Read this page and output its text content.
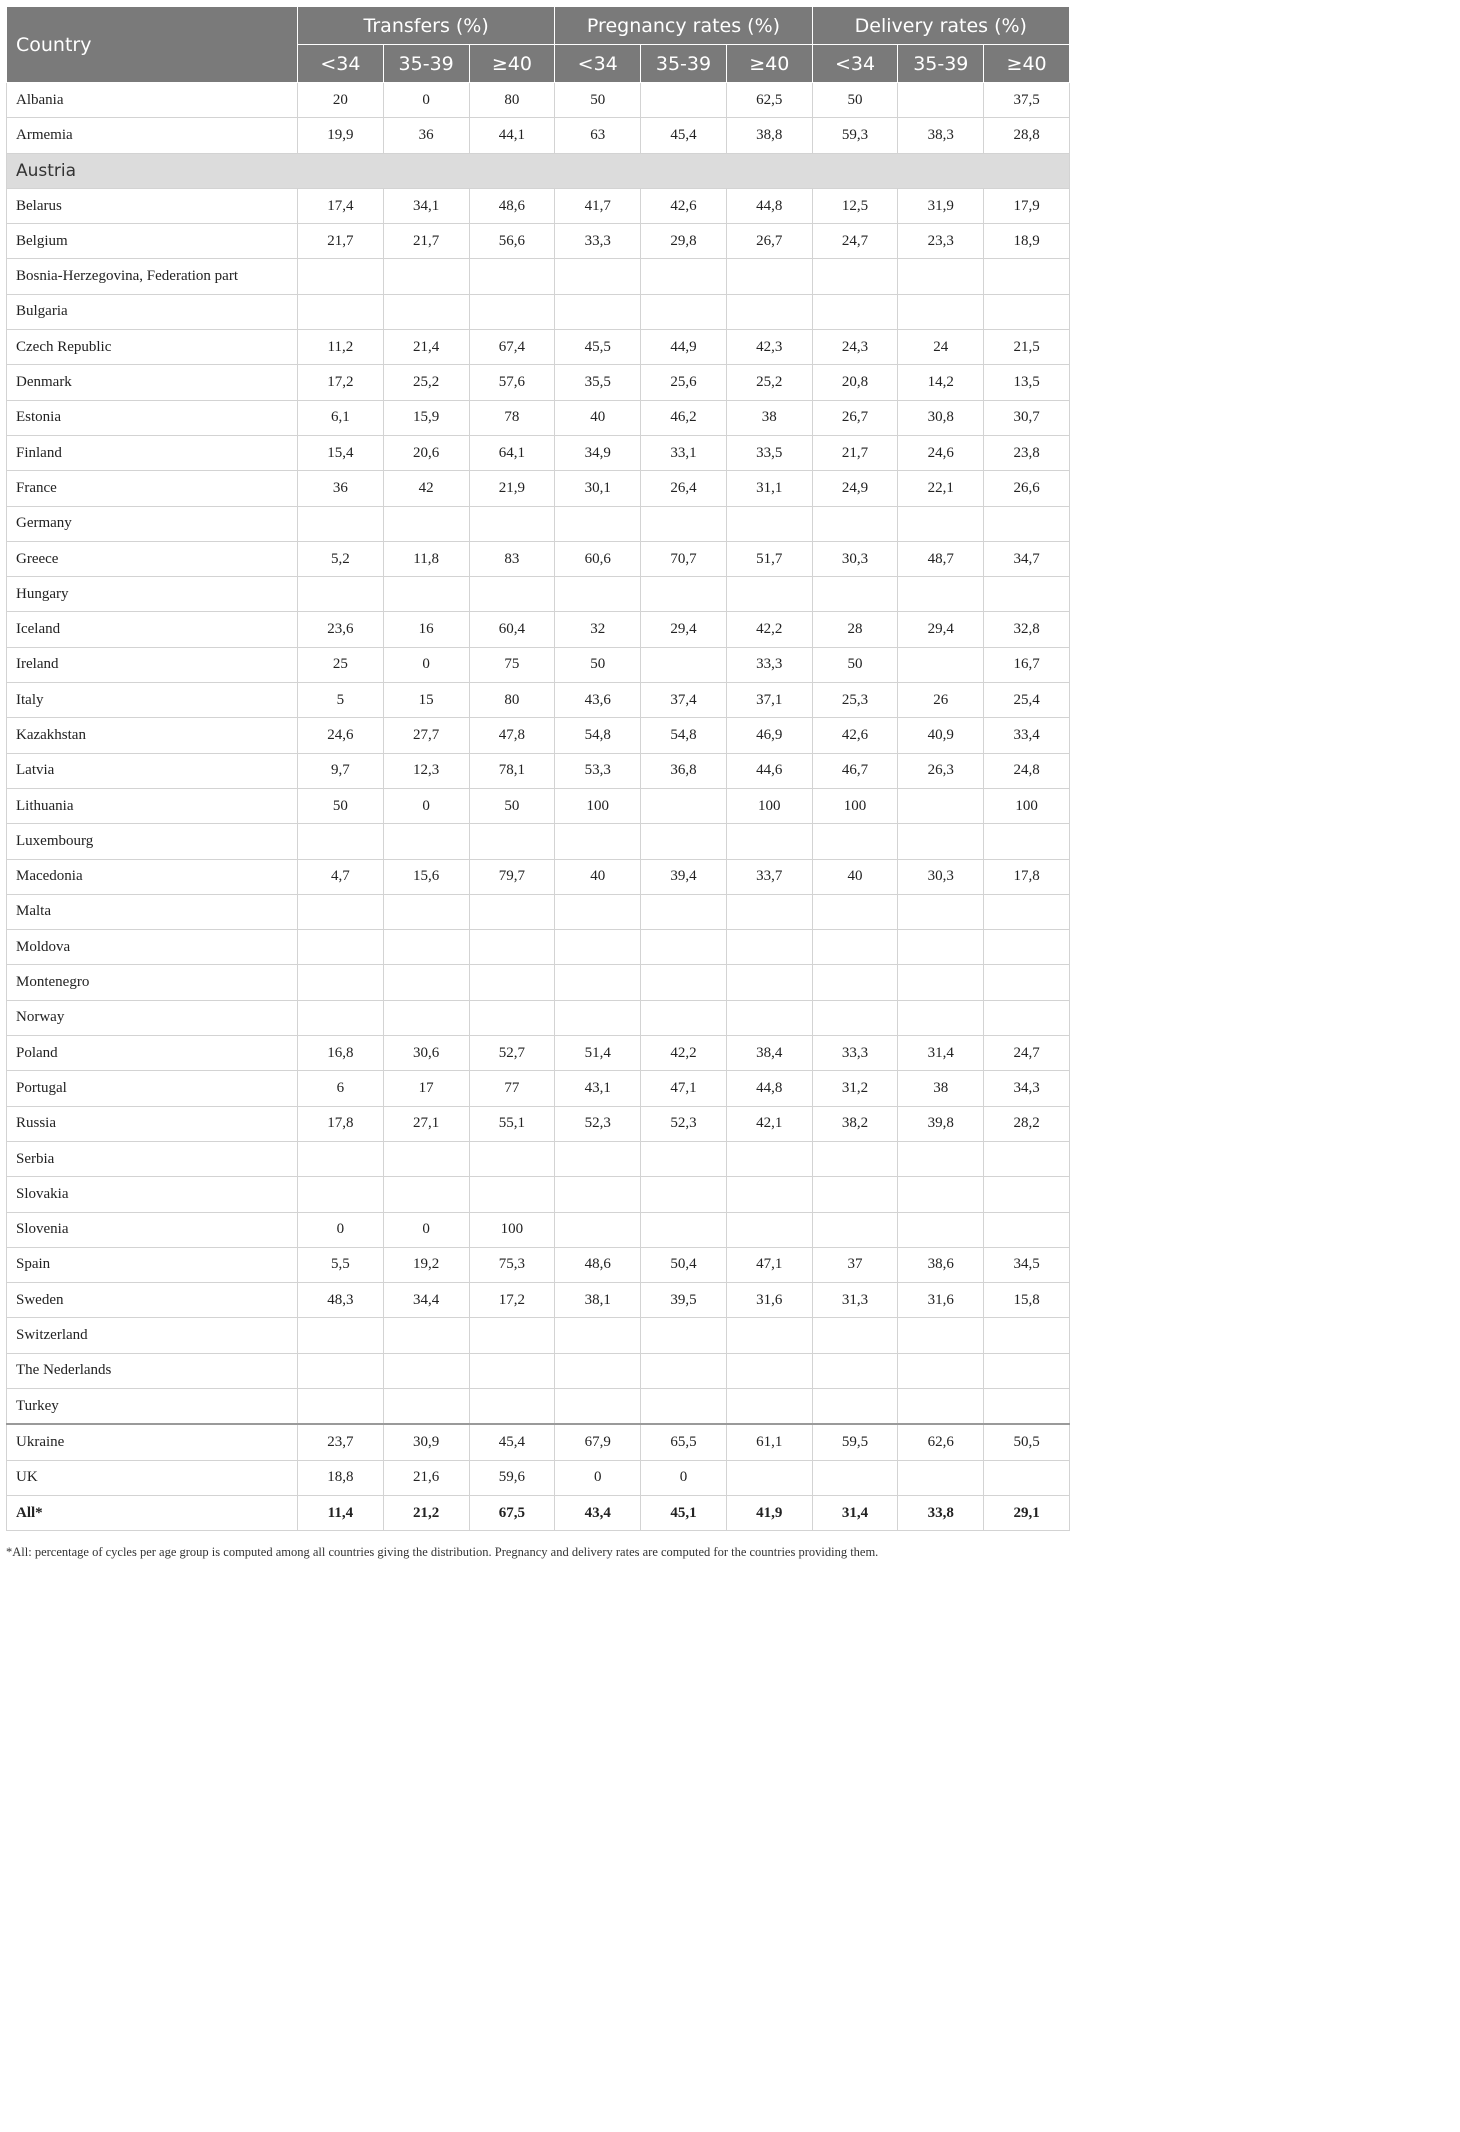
Country	Transfers (%)			Pregnancy rates (%)			Delivery rates (%)		
	<34	35-39	≥40	<34	35-39	≥40	<34	35-39	≥40
Albania	20	0	80	50		62,5	50		37,5
Armemia	19,9	36	44,1	63	45,4	38,8	59,3	38,3	28,8
Austria									
Belarus	17,4	34,1	48,6	41,7	42,6	44,8	12,5	31,9	17,9
Belgium	21,7	21,7	56,6	33,3	29,8	26,7	24,7	23,3	18,9
Bosnia-Herzegovina, Federation part									
Bulgaria									
Czech Republic	11,2	21,4	67,4	45,5	44,9	42,3	24,3	24	21,5
Denmark	17,2	25,2	57,6	35,5	25,6	25,2	20,8	14,2	13,5
Estonia	6,1	15,9	78	40	46,2	38	26,7	30,8	30,7
Finland	15,4	20,6	64,1	34,9	33,1	33,5	21,7	24,6	23,8
France	36	42	21,9	30,1	26,4	31,1	24,9	22,1	26,6
Germany									
Greece	5,2	11,8	83	60,6	70,7	51,7	30,3	48,7	34,7
Hungary									
Iceland	23,6	16	60,4	32	29,4	42,2	28	29,4	32,8
Ireland	25	0	75	50		33,3	50		16,7
Italy	5	15	80	43,6	37,4	37,1	25,3	26	25,4
Kazakhstan	24,6	27,7	47,8	54,8	54,8	46,9	42,6	40,9	33,4
Latvia	9,7	12,3	78,1	53,3	36,8	44,6	46,7	26,3	24,8
Lithuania	50	0	50	100		100	100		100
Luxembourg									
Macedonia	4,7	15,6	79,7	40	39,4	33,7	40	30,3	17,8
Malta									
Moldova									
Montenegro									
Norway									
Poland	16,8	30,6	52,7	51,4	42,2	38,4	33,3	31,4	24,7
Portugal	6	17	77	43,1	47,1	44,8	31,2	38	34,3
Russia	17,8	27,1	55,1	52,3	52,3	42,1	38,2	39,8	28,2
Serbia									
Slovakia									
Slovenia	0	0	100						
Spain	5,5	19,2	75,3	48,6	50,4	47,1	37	38,6	34,5
Sweden	48,3	34,4	17,2	38,1	39,5	31,6	31,3	31,6	15,8
Switzerland									
The Nederlands									
Turkey									
Ukraine	23,7	30,9	45,4	67,9	65,5	61,1	59,5	62,6	50,5
UK	18,8	21,6	59,6	0	0				
All*	11,4	21,2	67,5	43,4	45,1	41,9	31,4	33,8	29,1
*All: percentage of cycles per age group is computed among all countries giving the distribution. Pregnancy and delivery rates are computed for the countries providing them.
